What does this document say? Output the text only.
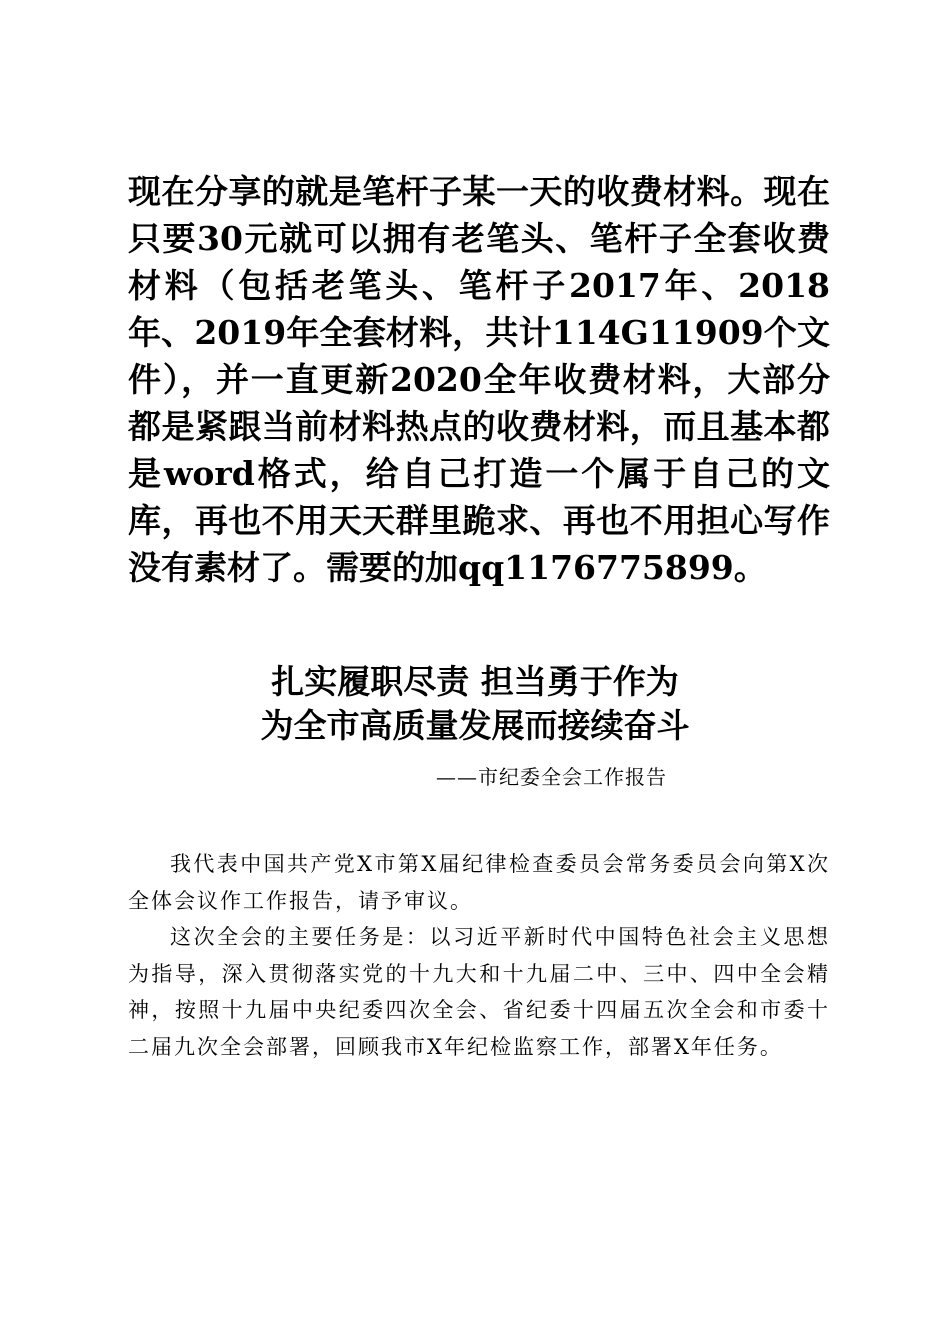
现在分享的就是笔杆子某一天的收费材料。现在只要30元就可以拥有老笔头、笔杆子全套收费材料（包括老笔头、笔杆子2017年、2018年、2019年全套材料，共计114G11909个文件），并一直更新2020全年收费材料，大部分都是紧跟当前材料热点的收费材料，而且基本都是word格式，给自己打造一个属于自己的文库，再也不用天天群里跪求、再也不用担心写作没有素材了。需要的加qq1176775899。

扎实履职尽责 担当勇于作为
为全市高质量发展而接续奋斗
——市纪委全会工作报告

我代表中国共产党X市第X届纪律检查委员会常务委员会向第X次全体会议作工作报告，请予审议。

这次全会的主要任务是：以习近平新时代中国特色社会主义思想为指导，深入贯彻落实党的十九大和十九届二中、三中、四中全会精神，按照十九届中央纪委四次全会、省纪委十四届五次全会和市委十二届九次全会部署，回顾我市X年纪检监察工作，部署X年任务。
